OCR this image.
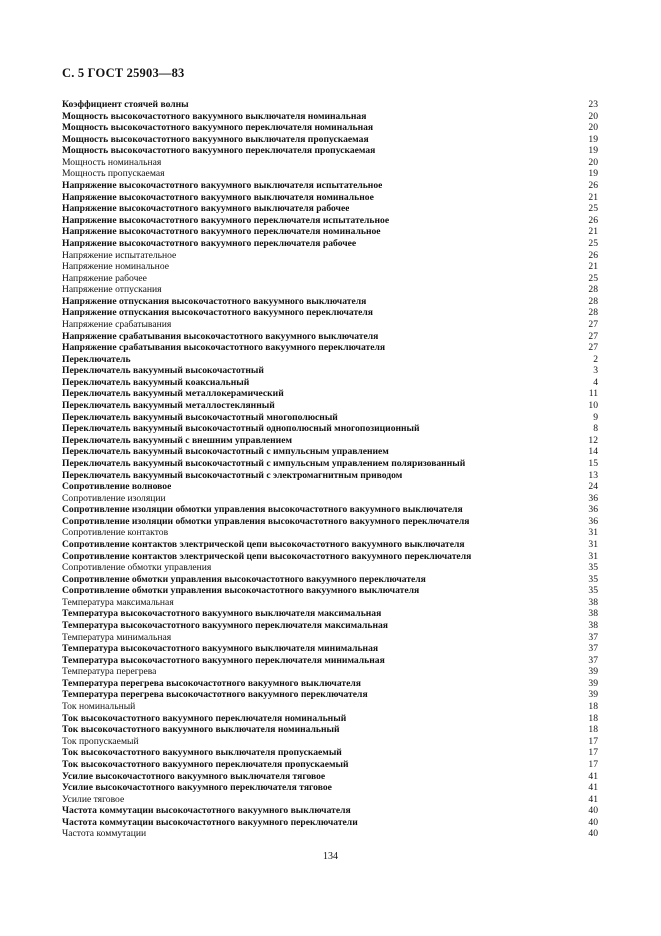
С. 5 ГОСТ 25903—83
Коэффициент стоячей волны	23
Мощность высокочастотного вакуумного выключателя номинальная	20
Мощность высокочастотного вакуумного переключателя номинальная	20
Мощность высокочастотного вакуумного выключателя пропускаемая	19
Мощность высокочастотного вакуумного переключателя пропускаемая	19
Мощность номинальная	20
Мощность пропускаемая	19
Напряжение высокочастотного вакуумного выключателя испытательное	26
Напряжение высокочастотного вакуумного выключателя номинальное	21
Напряжение высокочастотного вакуумного выключателя рабочее	25
Напряжение высокочастотного вакуумного переключателя испытательное	26
Напряжение высокочастотного вакуумного переключателя номинальное	21
Напряжение высокочастотного вакуумного переключателя рабочее	25
Напряжение испытательное	26
Напряжение номинальное	21
Напряжение рабочее	25
Напряжение отпускания	28
Напряжение отпускания высокочастотного вакуумного выключателя	28
Напряжение отпускания высокочастотного вакуумного переключателя	28
Напряжение срабатывания	27
Напряжение срабатывания высокочастотного вакуумного выключателя	27
Напряжение срабатывания высокочастотного вакуумного переключателя	27
Переключатель	2
Переключатель вакуумный высокочастотный	3
Переключатель вакуумный коаксиальный	4
Переключатель вакуумный металлокерамический	11
Переключатель вакуумный металлостеклянный	10
Переключатель вакуумный высокочастотный многополюсный	9
Переключатель вакуумный высокочастотный однополюсный многопозиционный	8
Переключатель вакуумный с внешним управлением	12
Переключатель вакуумный высокочастотный с импульсным управлением	14
Переключатель вакуумный высокочастотный с импульсным управлением поляризованный	15
Переключатель вакуумный высокочастотный с электромагнитным приводом	13
Сопротивление волновое	24
Сопротивление изоляции	36
Сопротивление изоляции обмотки управления высокочастотного вакуумного выключателя	36
Сопротивление изоляции обмотки управления высокочастотного вакуумного переключателя	36
Сопротивление контактов	31
Сопротивление контактов электрической цепи высокочастотного вакуумного выключателя	31
Сопротивление контактов электрической цепи высокочастотного вакуумного переключателя	31
Сопротивление обмотки управления	35
Сопротивление обмотки управления высокочастотного вакуумного переключателя	35
Сопротивление обмотки управления высокочастотного вакуумного выключателя	35
Температура максимальная	38
Температура высокочастотного вакуумного выключателя максимальная	38
Температура высокочастотного вакуумного переключателя максимальная	38
Температура минимальная	37
Температура высокочастотного вакуумного выключателя минимальная	37
Температура высокочастотного вакуумного переключателя минимальная	37
Температура перегрева	39
Температура перегрева высокочастотного вакуумного выключателя	39
Температура перегрева высокочастотного вакуумного переключателя	39
Ток номинальный	18
Ток высокочастотного вакуумного переключателя номинальный	18
Ток высокочастотного вакуумного выключателя номинальный	18
Ток пропускаемый	17
Ток высокочастотного вакуумного выключателя пропускаемый	17
Ток высокочастотного вакуумного переключателя пропускаемый	17
Усилие высокочастотного вакуумного выключателя тяговое	41
Усилие высокочастотного вакуумного переключателя тяговое	41
Усилие тяговое	41
Частота коммутации высокочастотного вакуумного выключателя	40
Частота коммутации высокочастотного вакуумного переключатели	40
Частота коммутации	40
134
